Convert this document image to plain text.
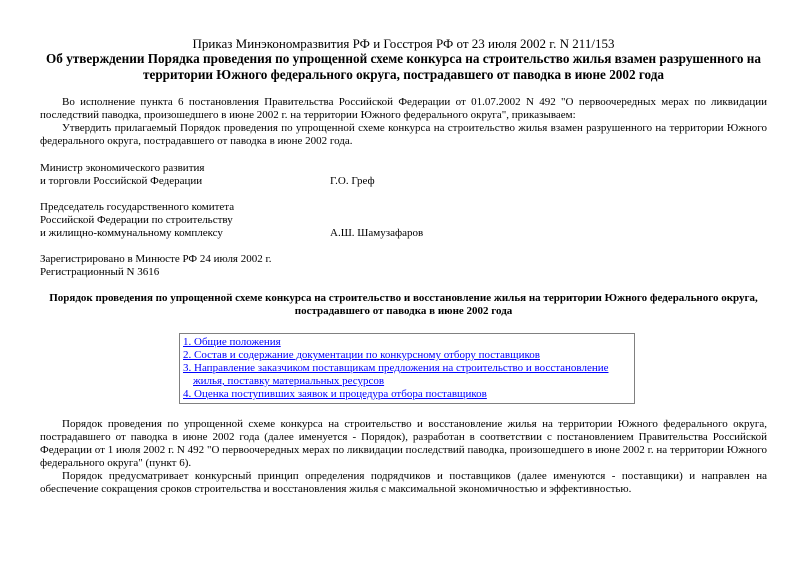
Приказ Минэкономразвития РФ и Госстроя РФ от 23 июля 2002 г. N 211/153

Об утверждении Порядка проведения по упрощенной схеме конкурса на строительство жилья взамен разрушенного на
территории Южного федерального округа, пострадавшего от паводка в июне 2002 года
Во исполнение пункта 6 постановления Правительства Российской Федерации от 01.07.2002 N 492 "О первоочередных мерах по ликвидации последствий паводка, произошедшего в июне 2002 г. на территории Южного федерального округа", приказываем:
Утвердить прилагаемый Порядок проведения по упрощенной схеме конкурса на строительство жилья взамен разрушенного на территории Южного федерального округа, пострадавшего от паводка в июне 2002 года.
Министр экономического развития
и торговли Российской Федерации	Г.О. Греф
Председатель государственного комитета
Российской Федерации по строительству
и жилищно-коммунальному комплексу	А.Ш. Шамузафаров
Зарегистрировано в Минюсте РФ 24 июля 2002 г.
Регистрационный N 3616
Порядок проведения по упрощенной схеме конкурса на строительство и восстановление жилья на территории Южного федерального округа,
пострадавшего от паводка в июне 2002 года
1. Общие положения
2. Состав и содержание документации по конкурсному отбору поставщиков
3. Направление заказчиком поставщикам предложения на строительство и восстановление
жилья, поставку материальных ресурсов
4. Оценка поступивших заявок и процедура отбора поставщиков
Порядок проведения по упрощенной схеме конкурса на строительство и восстановление жилья на территории Южного федерального округа, пострадавшего от паводка в июне 2002 года (далее именуется - Порядок), разработан в соответствии с постановлением Правительства Российской Федерации от 1 июля 2002 г. N 492 "О первоочередных мерах по ликвидации последствий паводка, произошедшего в июне 2002 г. на территории Южного федерального округа" (пункт 6).
Порядок предусматривает конкурсный принцип определения подрядчиков и поставщиков (далее именуются - поставщики) и направлен на обеспечение сокращения сроков строительства и восстановления жилья с максимальной экономичностью и эффективностью.
